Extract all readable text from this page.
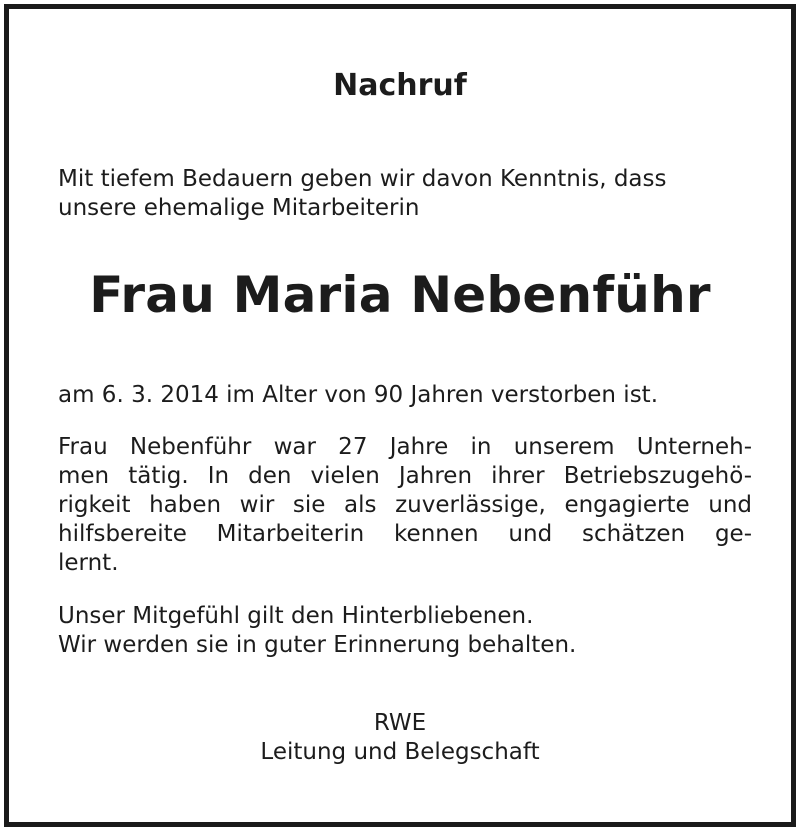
Nachruf
Mit tiefem Bedauern geben wir davon Kenntnis, dass
unsere ehemalige Mitarbeiterin
Frau Maria Nebenführ
am 6. 3. 2014 im Alter von 90 Jahren verstorben ist.
Frau Nebenführ war 27 Jahre in unserem Unterneh-
men tätig. In den vielen Jahren ihrer Betriebszugehö-
rigkeit haben wir sie als zuverlässige, engagierte und
hilfsbereite Mitarbeiterin kennen und schätzen ge-
lernt.
Unser Mitgefühl gilt den Hinterbliebenen.
Wir werden sie in guter Erinnerung behalten.
RWE
Leitung und Belegschaft
